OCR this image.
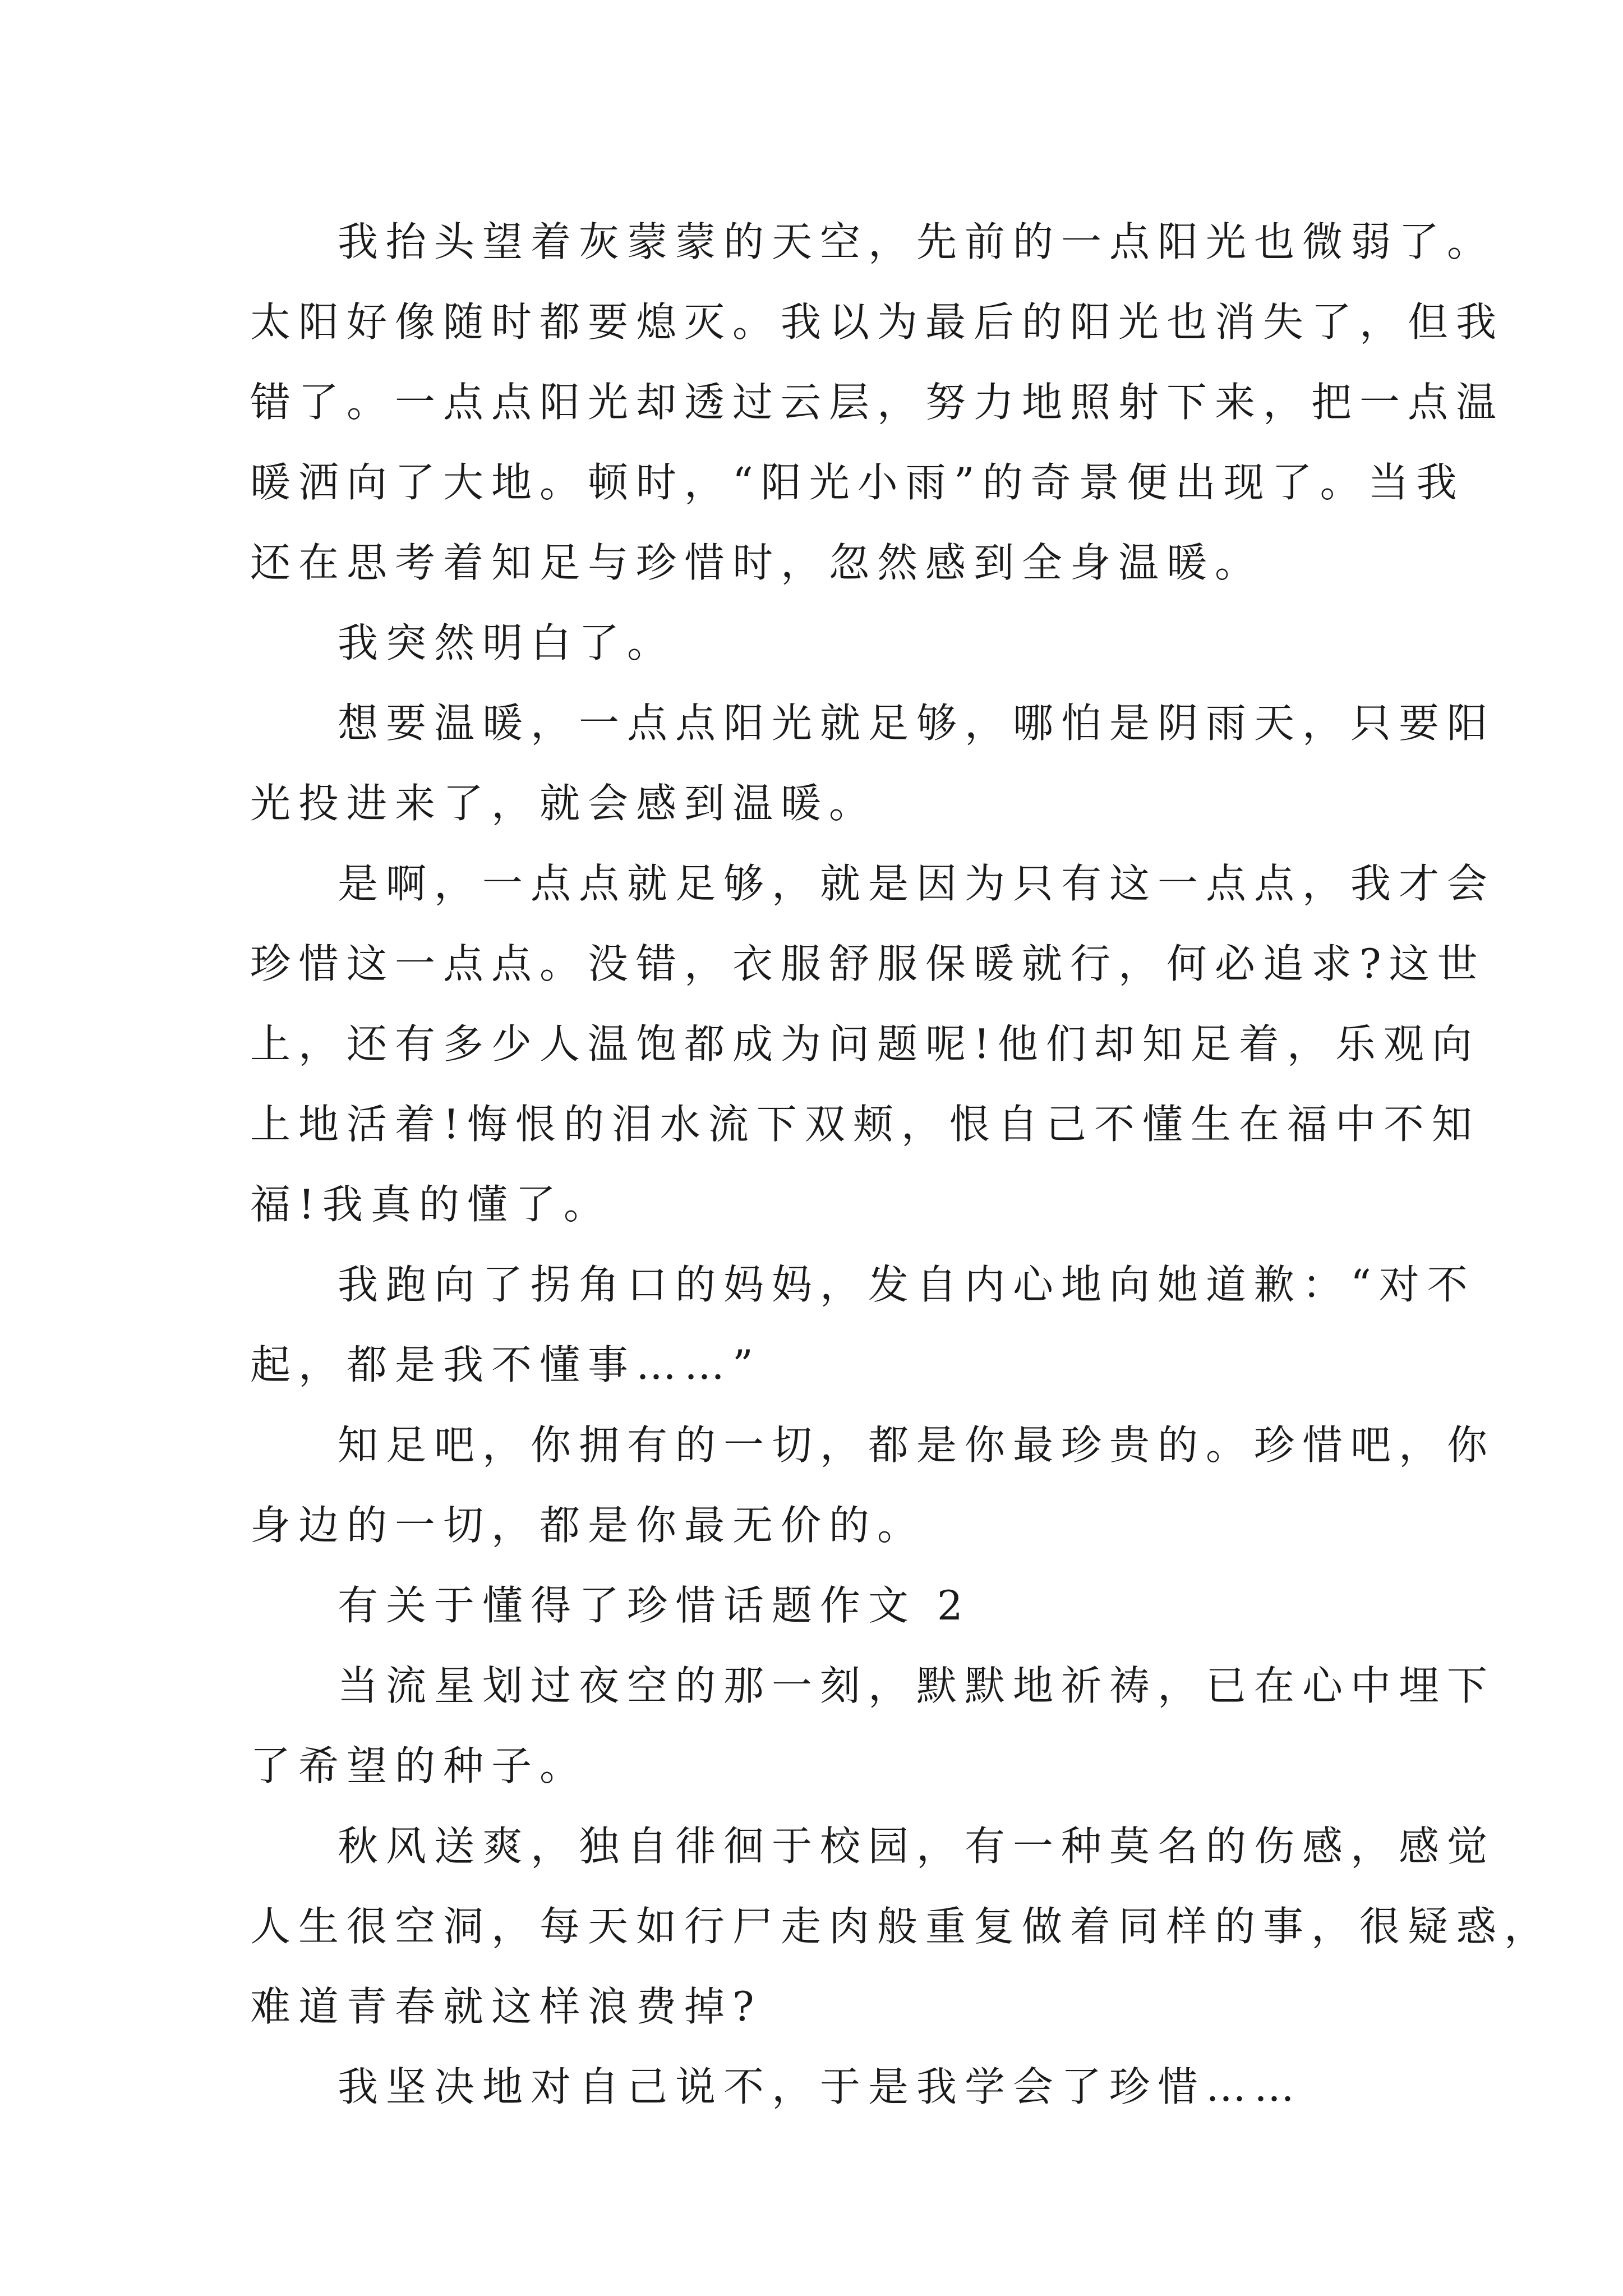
我抬头望着灰蒙蒙的天空，先前的一点阳光也微弱了。
太阳好像随时都要熄灭。我以为最后的阳光也消失了，但我
错了。一点点阳光却透过云层，努力地照射下来，把一点温
暖洒向了大地。顿时，“阳光小雨”的奇景便出现了。当我
还在思考着知足与珍惜时，忽然感到全身温暖。
我突然明白了。
想要温暖，一点点阳光就足够，哪怕是阴雨天，只要阳
光投进来了，就会感到温暖。
是啊，一点点就足够，就是因为只有这一点点，我才会
珍惜这一点点。没错，衣服舒服保暖就行，何必追求?这世
上，还有多少人温饱都成为问题呢!他们却知足着，乐观向
上地活着!悔恨的泪水流下双颊，恨自己不懂生在福中不知
福!我真的懂了。
我跑向了拐角口的妈妈，发自内心地向她道歉：“对不
起，都是我不懂事……”
知足吧，你拥有的一切，都是你最珍贵的。珍惜吧，你
身边的一切，都是你最无价的。
有关于懂得了珍惜话题作文 2
当流星划过夜空的那一刻，默默地祈祷，已在心中埋下
了希望的种子。
秋风送爽，独自徘徊于校园，有一种莫名的伤感，感觉
人生很空洞，每天如行尸走肉般重复做着同样的事，很疑惑，
难道青春就这样浪费掉?
我坚决地对自己说不，于是我学会了珍惜……
